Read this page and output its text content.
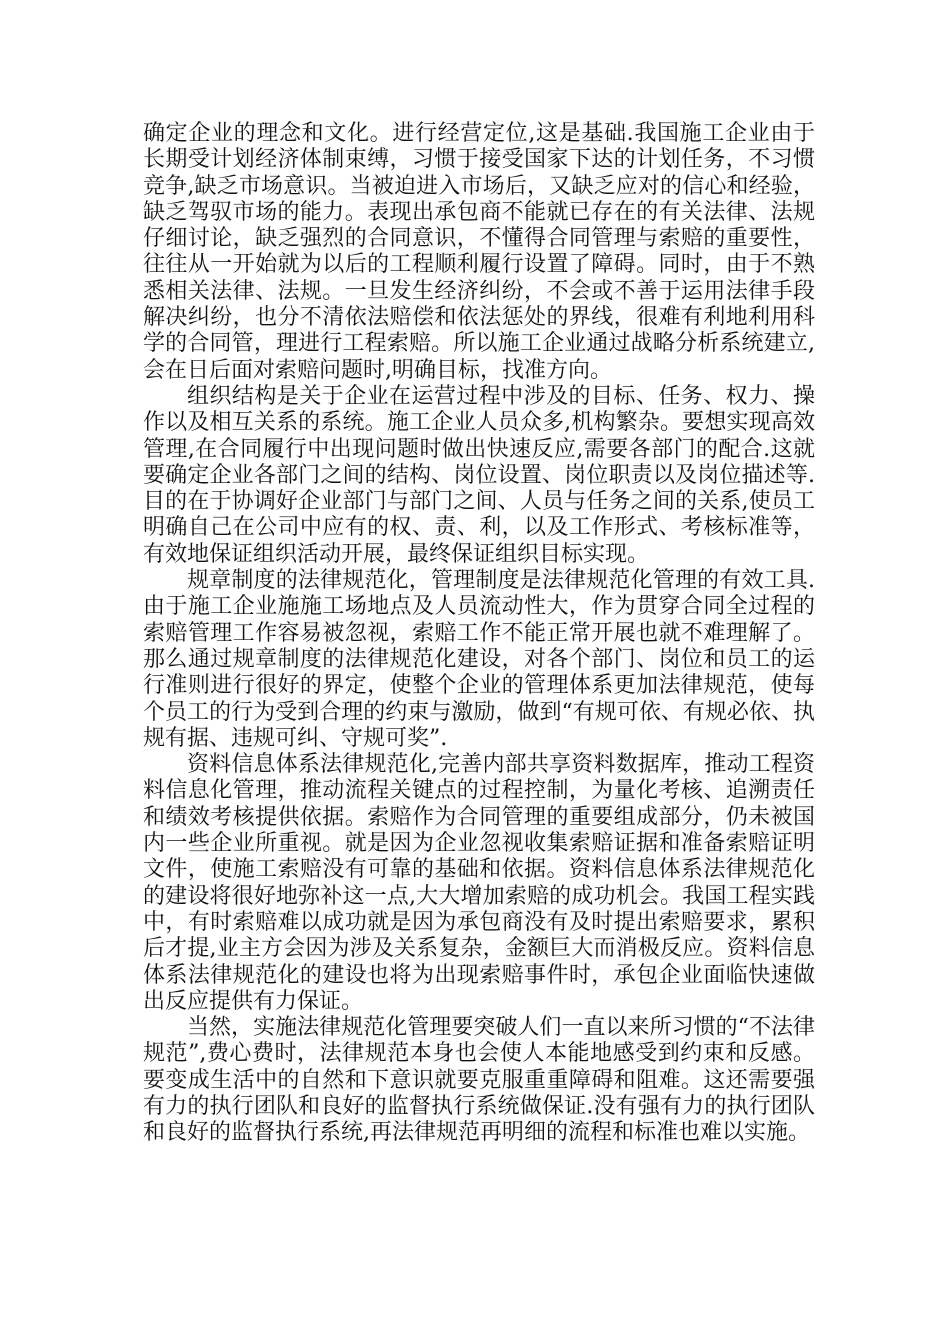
确定企业的理念和文化。进行经营定位,这是基础.我国施工企业由于长期受计划经济体制束缚，习惯于接受国家下达的计划任务，不习惯竞争,缺乏市场意识。当被迫进入市场后，又缺乏应对的信心和经验，缺乏驾驭市场的能力。表现出承包商不能就已存在的有关法律、法规仔细讨论，缺乏强烈的合同意识，不懂得合同管理与索赔的重要性，往往从一开始就为以后的工程顺利履行设置了障碍。同时，由于不熟悉相关法律、法规。一旦发生经济纠纷，不会或不善于运用法律手段解决纠纷，也分不清依法赔偿和依法惩处的界线，很难有利地利用科学的合同管，理进行工程索赔。所以施工企业通过战略分析系统建立,会在日后面对索赔问题时,明确目标，找准方向。

组织结构是关于企业在运营过程中涉及的目标、任务、权力、操作以及相互关系的系统。施工企业人员众多,机构繁杂。要想实现高效管理,在合同履行中出现问题时做出快速反应,需要各部门的配合.这就要确定企业各部门之间的结构、岗位设置、岗位职责以及岗位描述等.目的在于协调好企业部门与部门之间、人员与任务之间的关系,使员工明确自己在公司中应有的权、责、利，以及工作形式、考核标准等，有效地保证组织活动开展，最终保证组织目标实现。

规章制度的法律规范化，管理制度是法律规范化管理的有效工具.由于施工企业施施工场地点及人员流动性大，作为贯穿合同全过程的索赔管理工作容易被忽视，索赔工作不能正常开展也就不难理解了。那么通过规章制度的法律规范化建设，对各个部门、岗位和员工的运行准则进行很好的界定，使整个企业的管理体系更加法律规范，使每个员工的行为受到合理的约束与激励，做到“有规可依、有规必依、执规有据、违规可纠、守规可奖”.

资料信息体系法律规范化,完善内部共享资料数据库，推动工程资料信息化管理，推动流程关键点的过程控制，为量化考核、追溯责任和绩效考核提供依据。索赔作为合同管理的重要组成部分，仍未被国内一些企业所重视。就是因为企业忽视收集索赔证据和准备索赔证明文件，使施工索赔没有可靠的基础和依据。资料信息体系法律规范化的建设将很好地弥补这一点,大大增加索赔的成功机会。我国工程实践中，有时索赔难以成功就是因为承包商没有及时提出索赔要求，累积后才提,业主方会因为涉及关系复杂，金额巨大而消极反应。资料信息体系法律规范化的建设也将为出现索赔事件时，承包企业面临快速做出反应提供有力保证。

当然，实施法律规范化管理要突破人们一直以来所习惯的“不法律规范”,费心费时，法律规范本身也会使人本能地感受到约束和反感。要变成生活中的自然和下意识就要克服重重障碍和阻难。这还需要强有力的执行团队和良好的监督执行系统做保证.没有强有力的执行团队和良好的监督执行系统,再法律规范再明细的流程和标准也难以实施。
